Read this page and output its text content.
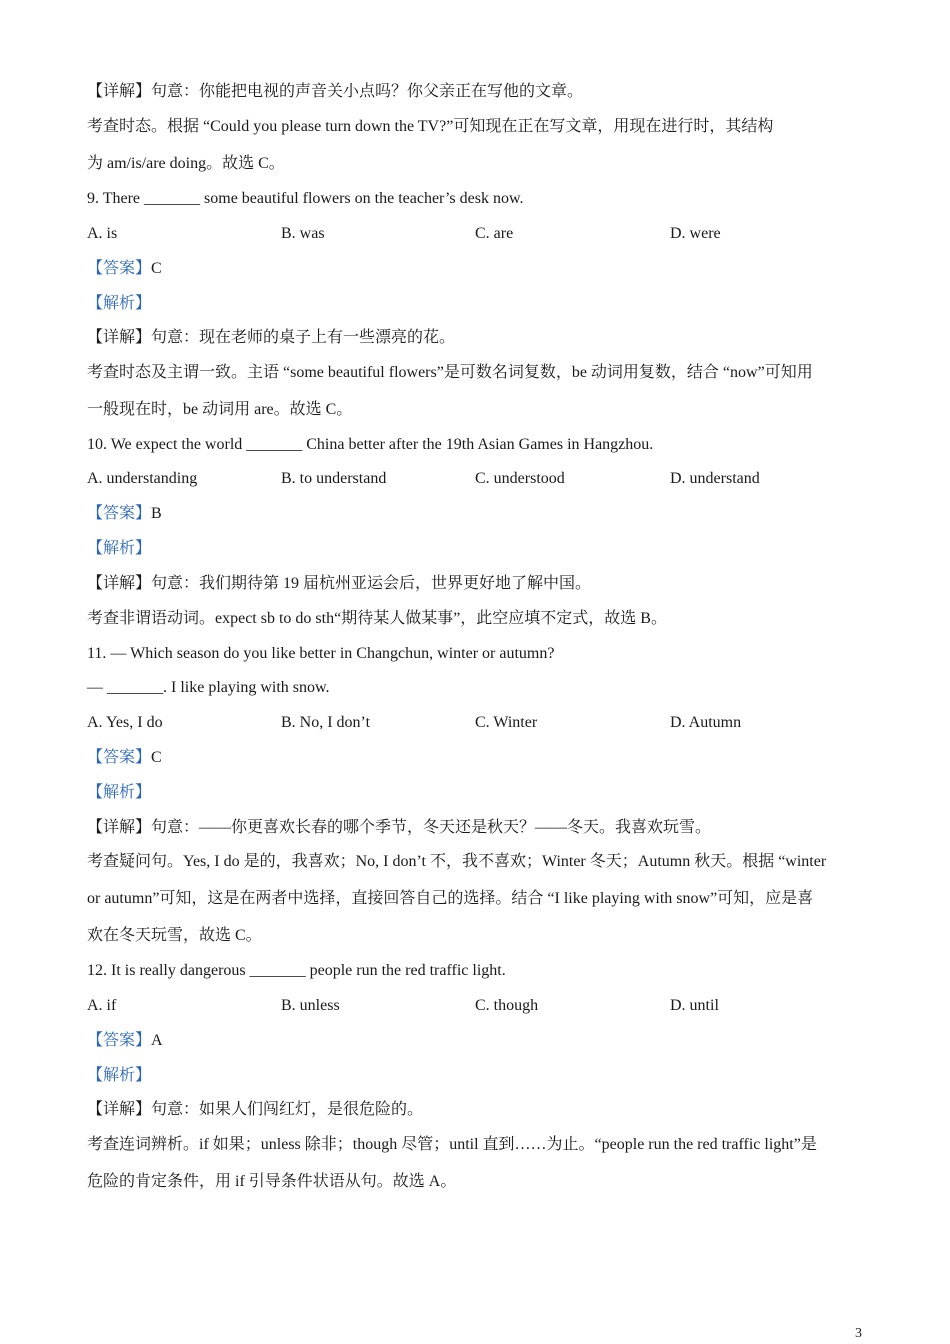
【详解】句意：你能把电视的声音关小点吗？你父亲正在写他的文章。
考查时态。根据 “Could you please turn down the TV?”可知现在正在写文章，用现在进行时，其结构
为 am/is/are doing。故选 C。
9. There _______ some beautiful flowers on the teacher’s desk now.
A. is	B. was	C. are	D. were
【答案】C
【解析】
【详解】句意：现在老师的桌子上有一些漂亮的花。
考查时态及主谓一致。主语 “some beautiful flowers”是可数名词复数，be 动词用复数，结合 “now”可知用
一般现在时，be 动词用 are。故选 C。
10. We expect the world _______ China better after the 19th Asian Games in Hangzhou.
A. understanding	B. to understand	C. understood	D. understand
【答案】B
【解析】
【详解】句意：我们期待第 19 届杭州亚运会后，世界更好地了解中国。
考查非谓语动词。expect sb to do sth“期待某人做某事”，此空应填不定式，故选 B。
11. — Which season do you like better in Changchun, winter or autumn?
— _______. I like playing with snow.
A. Yes, I do	B. No, I don’t	C. Winter	D. Autumn
【答案】C
【解析】
【详解】句意：——你更喜欢长春的哪个季节，冬天还是秋天？——冬天。我喜欢玩雪。
考查疑问句。Yes, I do 是的，我喜欢；No, I don’t 不，我不喜欢；Winter 冬天；Autumn 秋天。根据 “winter
or autumn”可知，这是在两者中选择，直接回答自己的选择。结合 “I like playing with snow”可知，应是喜
欢在冬天玩雪，故选 C。
12. It is really dangerous _______ people run the red traffic light.
A. if	B. unless	C. though	D. until
【答案】A
【解析】
【详解】句意：如果人们闯红灯，是很危险的。
考查连词辨析。if 如果；unless 除非；though 尽管；until 直到……为止。“people run the red traffic light”是
危险的肯定条件，用 if 引导条件状语从句。故选 A。
3
